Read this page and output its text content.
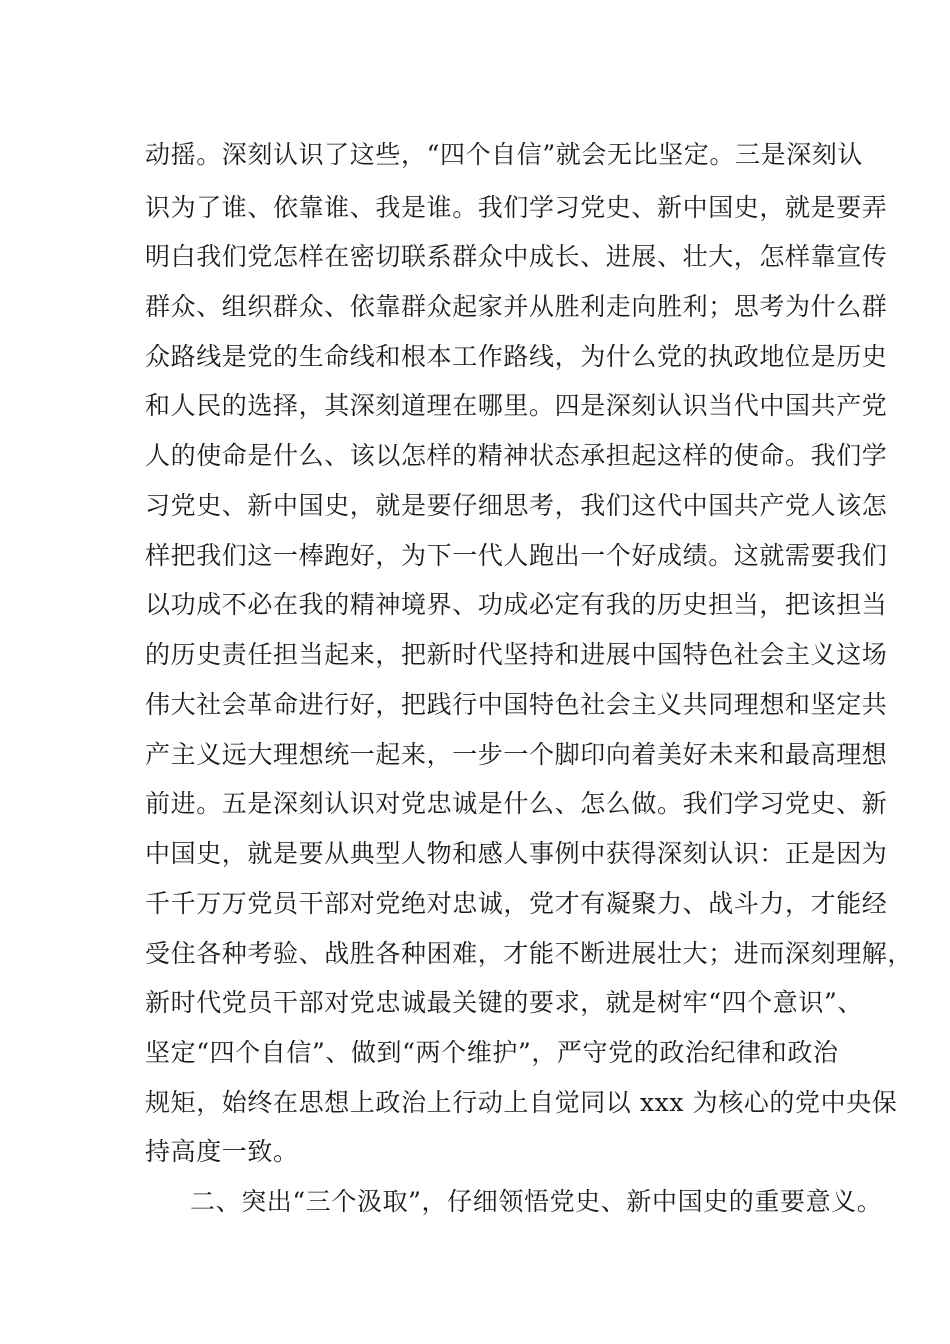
动摇。深刻认识了这些，“四个自信”就会无比坚定。三是深刻认
识为了谁、依靠谁、我是谁。我们学习党史、新中国史，就是要弄
明白我们党怎样在密切联系群众中成长、进展、壮大，怎样靠宣传
群众、组织群众、依靠群众起家并从胜利走向胜利；思考为什么群
众路线是党的生命线和根本工作路线，为什么党的执政地位是历史
和人民的选择，其深刻道理在哪里。四是深刻认识当代中国共产党
人的使命是什么、该以怎样的精神状态承担起这样的使命。我们学
习党史、新中国史，就是要仔细思考，我们这代中国共产党人该怎
样把我们这一棒跑好，为下一代人跑出一个好成绩。这就需要我们
以功成不必在我的精神境界、功成必定有我的历史担当，把该担当
的历史责任担当起来，把新时代坚持和进展中国特色社会主义这场
伟大社会革命进行好，把践行中国特色社会主义共同理想和坚定共
产主义远大理想统一起来，一步一个脚印向着美好未来和最高理想
前进。五是深刻认识对党忠诚是什么、怎么做。我们学习党史、新
中国史，就是要从典型人物和感人事例中获得深刻认识：正是因为
千千万万党员干部对党绝对忠诚，党才有凝聚力、战斗力，才能经
受住各种考验、战胜各种困难，才能不断进展壮大；进而深刻理解，
新时代党员干部对党忠诚最关键的要求，就是树牢“四个意识”、
坚定“四个自信”、做到“两个维护”，严守党的政治纪律和政治
规矩，始终在思想上政治上行动上自觉同以 xxx 为核心的党中央保
持高度一致。
二、突出“三个汲取”，仔细领悟党史、新中国史的重要意义。
